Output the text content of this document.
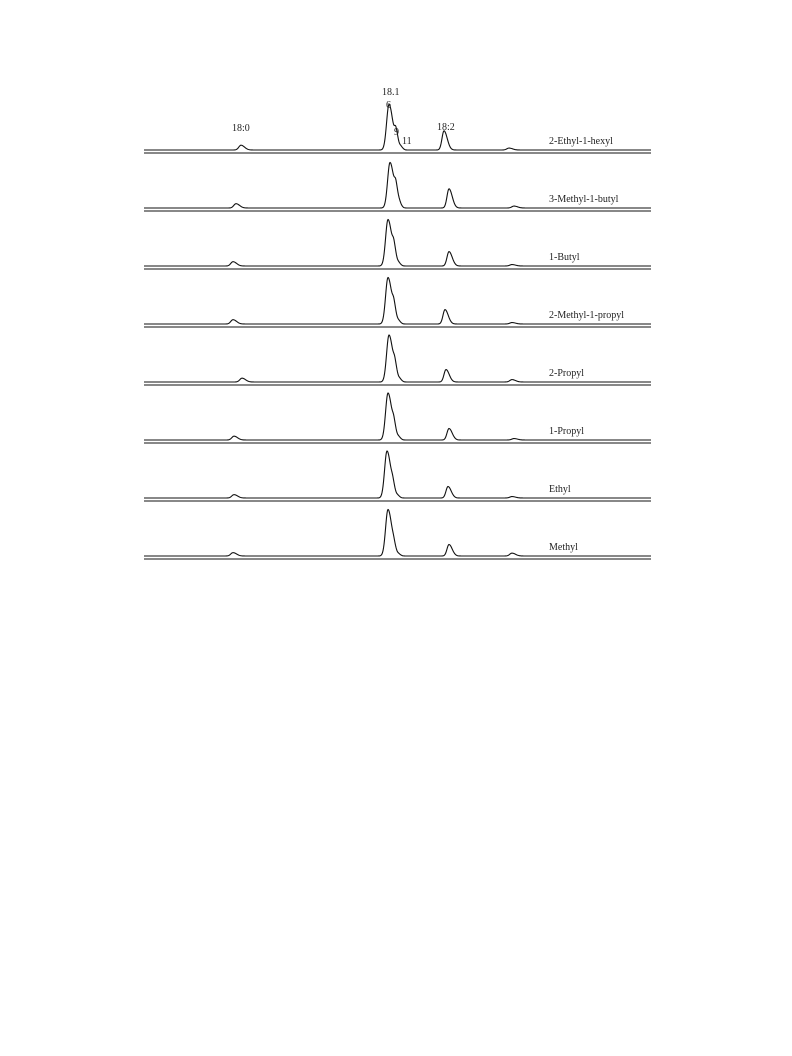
18:0
18.1
6
9
11
18:2
2-Ethyl-1-hexyl
3-Methyl-1-butyl
1-Butyl
2-Methyl-1-propyl
2-Propyl
1-Propyl
Ethyl
Methyl
